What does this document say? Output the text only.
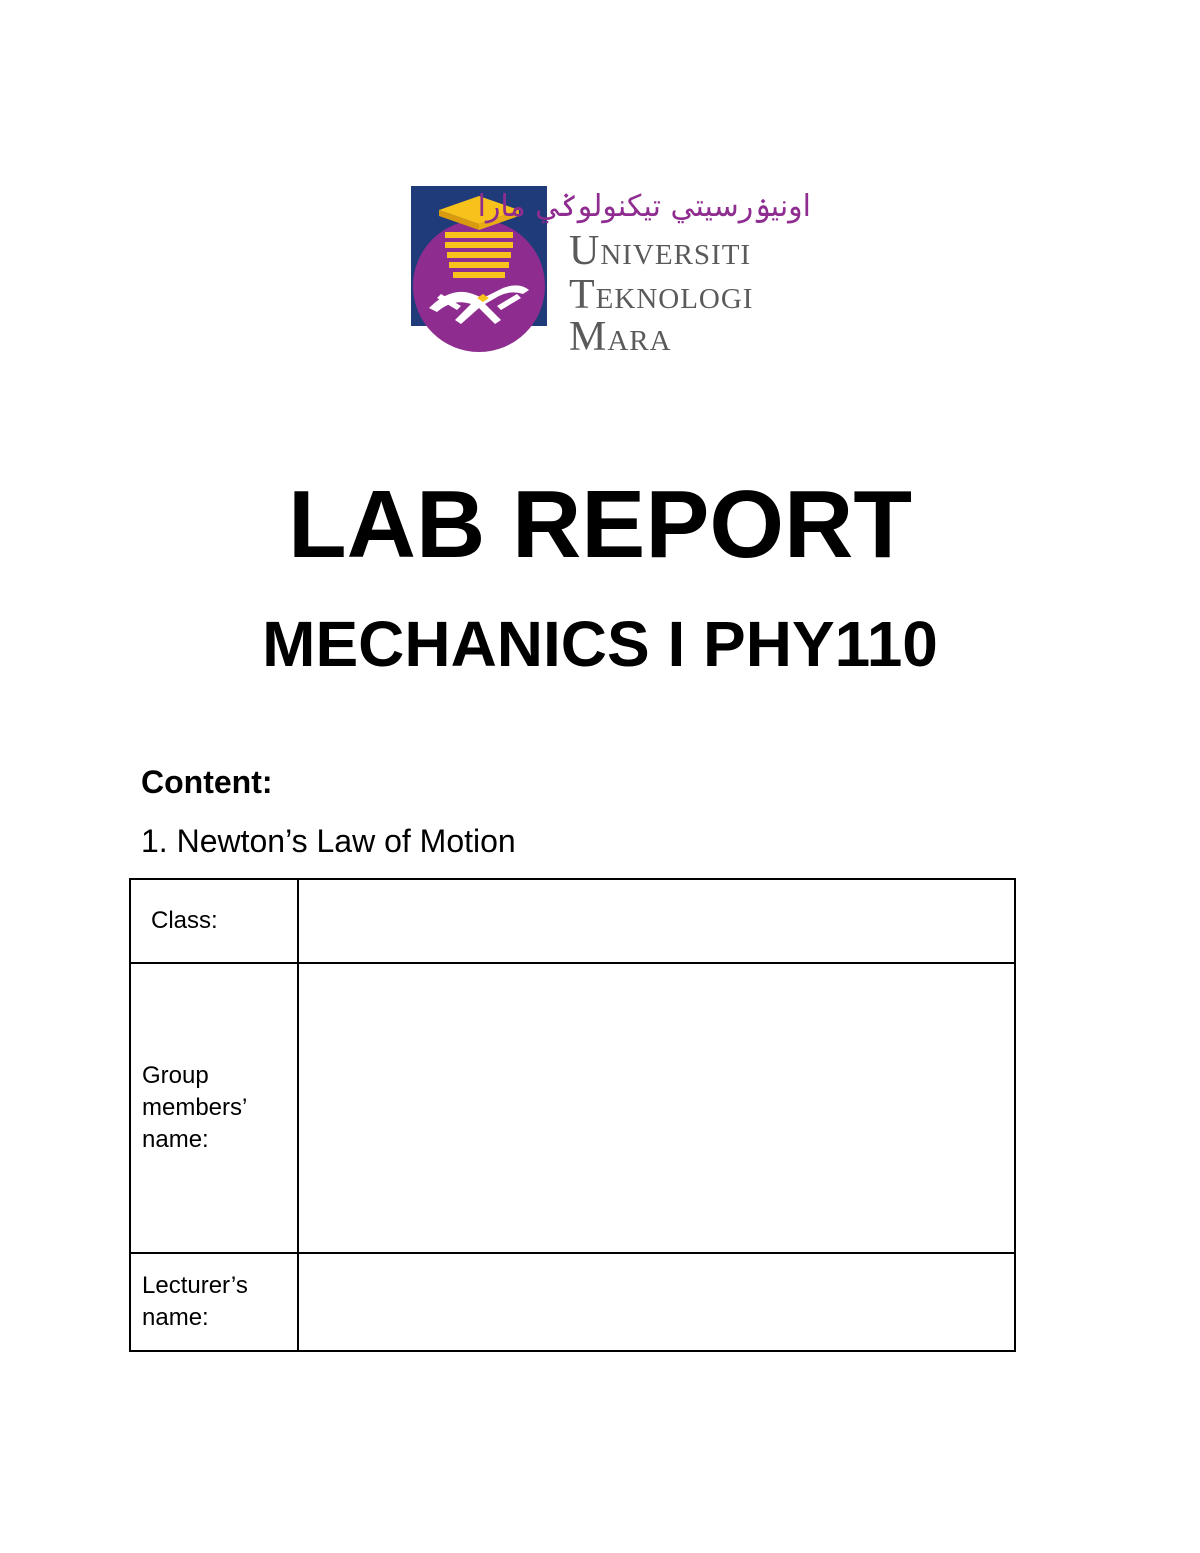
اونيۏرسيتي تيكنولوݢي مارا
Universiti
Teknologi
Mara
LAB REPORT
MECHANICS I PHY110
Content:
1. Newton’s Law of Motion
Class:	

Group members’ name:	

Lecturer’s name:	
